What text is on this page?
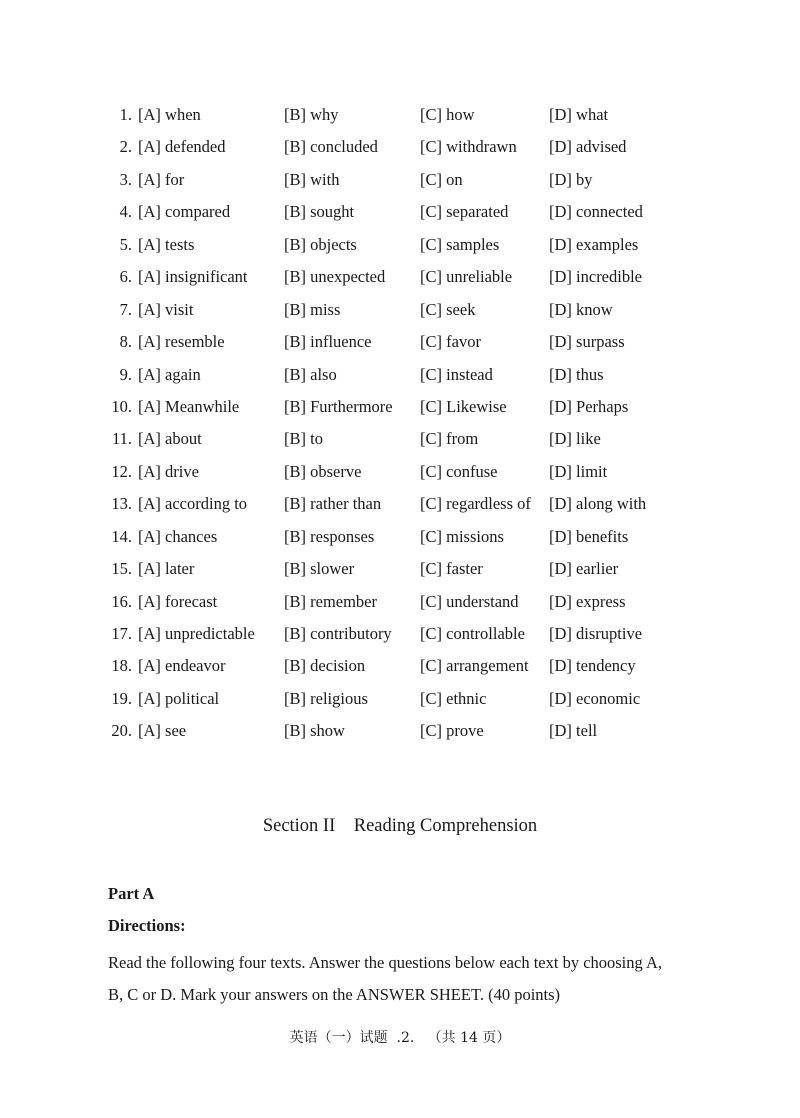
1. [A] when	[B] why	[C] how	[D] what
2. [A] defended	[B] concluded	[C] withdrawn [D] advised
3. [A] for	[B] with	[C] on	[D] by
4. [A] compared	[B] sought	[C] separated [D] connected
5. [A] tests	[B] objects	[C] samples	[D] examples
6. [A] insignificant [B] unexpected [C] unreliable [D] incredible
7. [A] visit	[B] miss	[C] seek	[D] know
8. [A] resemble	[B] influence	[C] favor	[D] surpass
9. [A] again	[B] also	[C] instead	[D] thus
10. [A] Meanwhile	[B] Furthermore [C] Likewise	[D] Perhaps
11. [A] about	[B] to	[C] from	[D] like
12. [A] drive	[B] observe	[C] confuse	[D] limit
13. [A] according to [B] rather than [C] regardless of [D] along with
14. [A] chances	[B] responses	[C] missions	[D] benefits
15. [A] later	[B] slower	[C] faster	[D] earlier
16. [A] forecast	[B] remember	[C] understand [D] express
17. [A] unpredictable [B] contributory [C] controllable [D] disruptive
18. [A] endeavor	[B] decision	[C] arrangement [D] tendency
19. [A] political	[B] religious	[C] ethnic	[D] economic
20. [A] see	[B] show	[C] prove	[D] tell
Section II    Reading Comprehension
Part A
Directions:
Read the following four texts. Answer the questions below each text by choosing A,
B, C or D. Mark your answers on the ANSWER SHEET. (40 points)
英语（一）试题  .2.   （共 14 页）
